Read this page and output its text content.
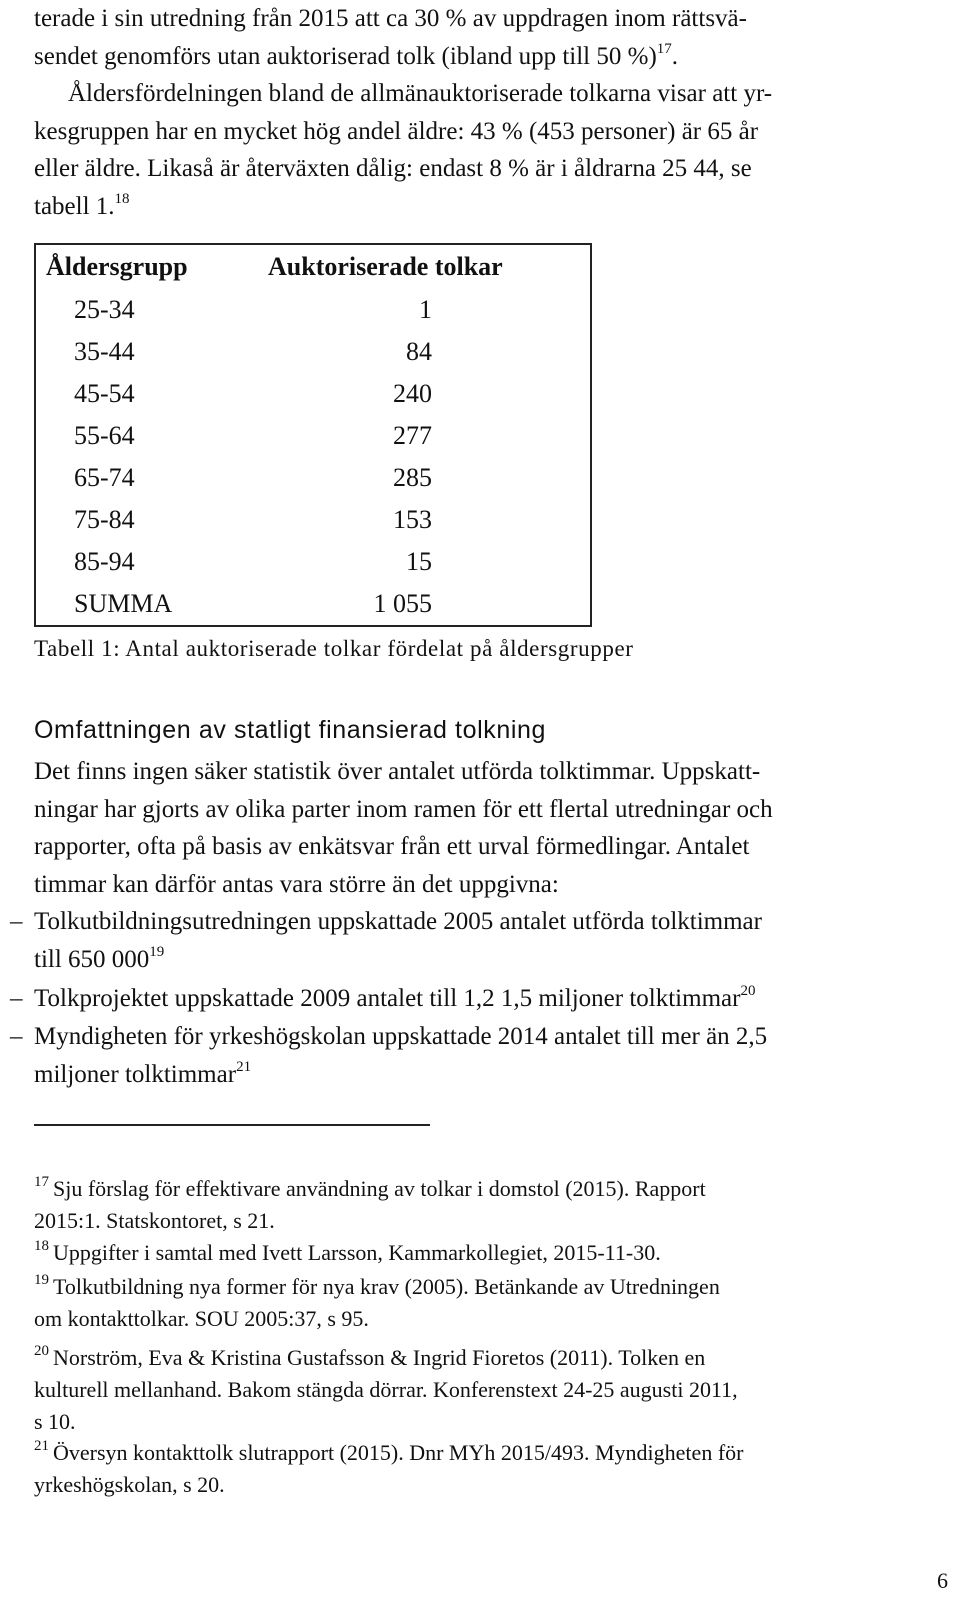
terade i sin utredning från 2015 att ca 30 % av uppdragen inom rättsvä-
sendet genomförs utan auktoriserad tolk (ibland upp till 50 %)$^{17}$.
Åldersfördelningen bland de allmänauktoriserade tolkarna visar att yr-
kesgruppen har en mycket hög andel äldre: 43 % (453 personer) är 65 år
eller äldre. Likaså är återväxten dålig: endast 8 % är i åldrarna 25 44, se
tabell 1.18
Åldersgrupp	Auktoriserade tolkar
25-34	1
35-44	84
45-54	240
55-64	277
65-74	285
75-84	153
85-94	15
SUMMA	1 055
Tabell 1: Antal auktoriserade tolkar fördelat på åldersgrupper
Omfattningen av statligt finansierad tolkning
Det finns ingen säker statistik över antalet utförda tolktimmar. Uppskatt-
ningar har gjorts av olika parter inom ramen för ett flertal utredningar och
rapporter, ofta på basis av enkätsvar från ett urval förmedlingar. Antalet
timmar kan därför antas vara större än det uppgivna:
Tolkutbildningsutredningen uppskattade 2005 antalet utförda tolktimmar
till 650 $000^{19}$
Tolkprojektet uppskattade 2009 antalet till 1,2 1,5 miljoner tolktimmar$^{20}$
Myndigheten för yrkeshögskolan uppskattade 2014 antalet till mer än 2,5
miljoner tolktimmar$^{21}$
–
–
–
$^{17}$ Sju förslag för effektivare användning av tolkar i domstol (2015). Rapport
2015:1. Statskontoret, s 21.
$^{18}$ Uppgifter i samtal med Ivett Larsson, Kammarkollegiet, 2015-11-30.
$^{19}$ Tolkutbildning nya former för nya krav (2005). Betänkande av Utredningen
om kontakttolkar. SOU 2005:37, s 95.
$^{20}$ Norström, Eva & Kristina Gustafsson & Ingrid Fioretos (2011). Tolken en
kulturell mellanhand. Bakom stängda dörrar. Konferenstext 24-25 augusti 2011,
s 10.
$^{21}$ Översyn kontakttolk slutrapport (2015). Dnr MYh 2015/493. Myndigheten för
yrkeshögskolan, s 20.
6
